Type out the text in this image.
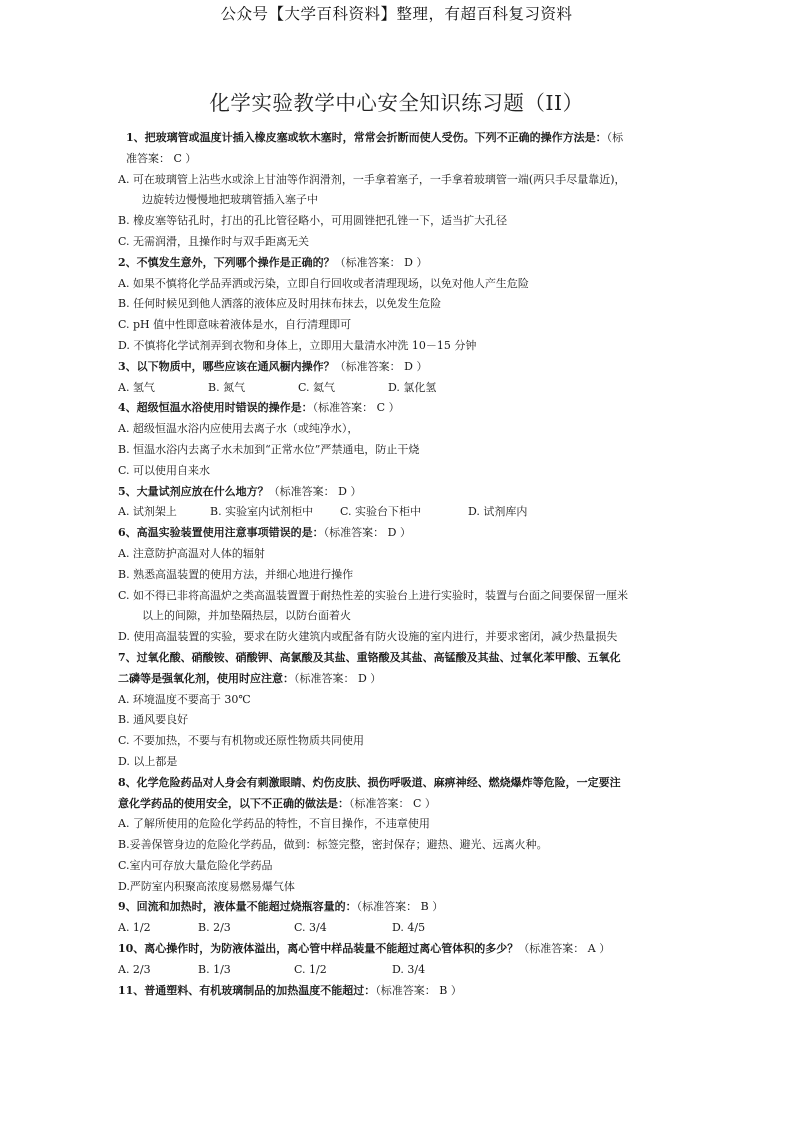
公众号【大学百科资料】整理，有超百科复习资料
化学实验教学中心安全知识练习题（II）
1、把玻璃管或温度计插入橡皮塞或软木塞时，常常会折断而使人受伤。下列不正确的操作方法是：（标
准答案： C ）
A. 可在玻璃管上沾些水或涂上甘油等作润滑剂，一手拿着塞子，一手拿着玻璃管一端(两只手尽量靠近)，
边旋转边慢慢地把玻璃管插入塞子中
B. 橡皮塞等钻孔时，打出的孔比管径略小，可用圆锉把孔锉一下，适当扩大孔径
C. 无需润滑，且操作时与双手距离无关
2、不慎发生意外，下列哪个操作是正确的？（标准答案： D ）
A. 如果不慎将化学品弄洒或污染，立即自行回收或者清理现场，以免对他人产生危险
B. 任何时候见到他人洒落的液体应及时用抹布抹去，以免发生危险
C. pH 值中性即意味着液体是水，自行清理即可
D. 不慎将化学试剂弄到衣物和身体上，立即用大量清水冲洗 10－15 分钟
3、以下物质中，哪些应该在通风橱内操作？（标准答案： D ）
A. 氢气	B. 氮气	C. 氦气	D. 氯化氢
4、超级恒温水浴使用时错误的操作是：（标准答案： C ）
A. 超级恒温水浴内应使用去离子水（或纯净水），
B. 恒温水浴内去离子水未加到“正常水位”严禁通电，防止干烧
C. 可以使用自来水
5、大量试剂应放在什么地方？（标准答案： D ）
A. 试剂架上	B. 实验室内试剂柜中	C. 实验台下柜中	D. 试剂库内
6、高温实验装置使用注意事项错误的是：（标准答案： D ）
A. 注意防护高温对人体的辐射
B. 熟悉高温装置的使用方法，并细心地进行操作
C. 如不得已非将高温炉之类高温装置置于耐热性差的实验台上进行实验时，装置与台面之间要保留一厘米
以上的间隙，并加垫隔热层，以防台面着火
D. 使用高温装置的实验，要求在防火建筑内或配备有防火设施的室内进行，并要求密闭，减少热量损失
7、过氧化酸、硝酸铵、硝酸钾、高氯酸及其盐、重铬酸及其盐、高锰酸及其盐、过氧化苯甲酸、五氧化
二磷等是强氧化剂，使用时应注意：（标准答案： D ）
A. 环境温度不要高于 30℃
B. 通风要良好
C. 不要加热，不要与有机物或还原性物质共同使用
D. 以上都是
8、化学危险药品对人身会有刺激眼睛、灼伤皮肤、损伤呼吸道、麻痹神经、燃烧爆炸等危险，一定要注
意化学药品的使用安全，以下不正确的做法是：（标准答案： C ）
A. 了解所使用的危险化学药品的特性，不盲目操作，不违章使用
B.妥善保管身边的危险化学药品，做到：标签完整，密封保存；避热、避光、远离火种。
C.室内可存放大量危险化学药品
D.严防室内积聚高浓度易燃易爆气体
9、回流和加热时，液体量不能超过烧瓶容量的：（标准答案： B ）
A. 1/2	B. 2/3	C. 3/4	D. 4/5
10、离心操作时，为防液体溢出，离心管中样品装量不能超过离心管体积的多少？（标准答案： A ）
A. 2/3	B. 1/3	C. 1/2	D. 3/4
11、普通塑料、有机玻璃制品的加热温度不能超过：（标准答案： B ）
